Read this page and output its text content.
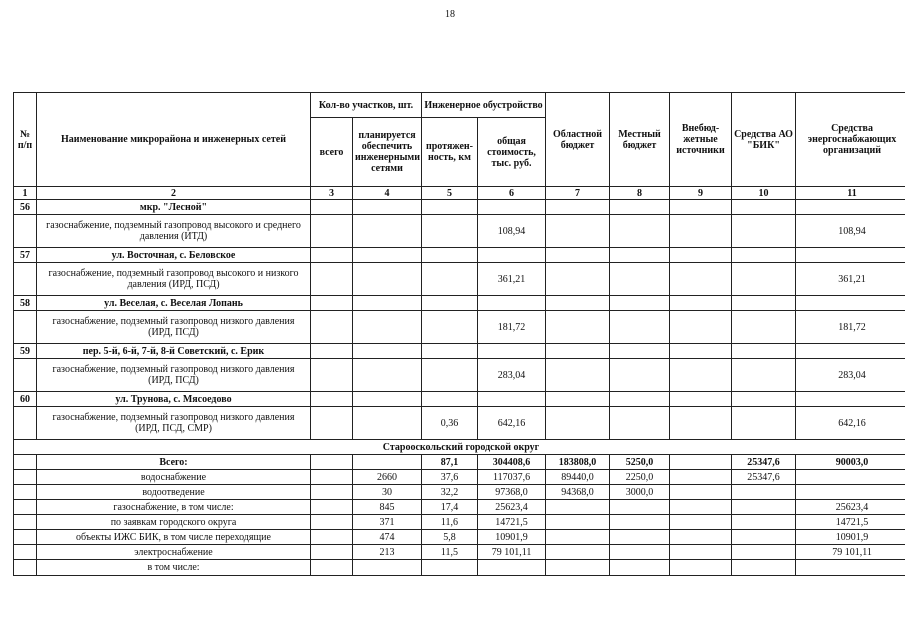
18
№ п/п	Наименование микрорайона и инженерных сетей	Кол-во участков, шт.		Инженерное обустройство		Областной бюджет	Местный бюджет	Внебюд-жетные источники	Средства АО "БИК"	Средства энергоснабжающих организаций
		всего	планируется обеспечить инженерными сетями	протяжен-ность, км	общая стоимость, тыс. руб.					
1	2	3	4	5	6	7	8	9	10	11
56	мкр. "Лесной"									
	газоснабжение, подземный газопровод высокого и среднего давления (ИТД)				108,94					108,94
57	ул. Восточная, с. Беловское									
	газоснабжение, подземный газопровод высокого и низкого давления (ИРД, ПСД)				361,21					361,21
58	ул. Веселая, с. Веселая Лопань									
	газоснабжение, подземный газопровод низкого давления (ИРД, ПСД)				181,72					181,72
59	пер. 5-й, 6-й, 7-й, 8-й Советский, с. Ерик									
	газоснабжение, подземный газопровод низкого давления (ИРД, ПСД)				283,04					283,04
60	ул. Трунова, с. Мясоедово									
	газоснабжение, подземный газопровод низкого давления (ИРД, ПСД, СМР)			0,36	642,16					642,16
Старооскольский городской округ										
	Всего:			87,1	304408,6	183808,0	5250,0		25347,6	90003,0
	водоснабжение		2660	37,6	117037,6	89440,0	2250,0		25347,6	
	водоотведение		30	32,2	97368,0	94368,0	3000,0			
	газоснабжение, в том числе:		845	17,4	25623,4					25623,4
	по заявкам городского округа		371	11,6	14721,5					14721,5
	объекты ИЖС БИК, в том числе переходящие		474	5,8	10901,9					10901,9
	электроснабжение		213	11,5	79 101,11					79 101,11
	в том числе:									
